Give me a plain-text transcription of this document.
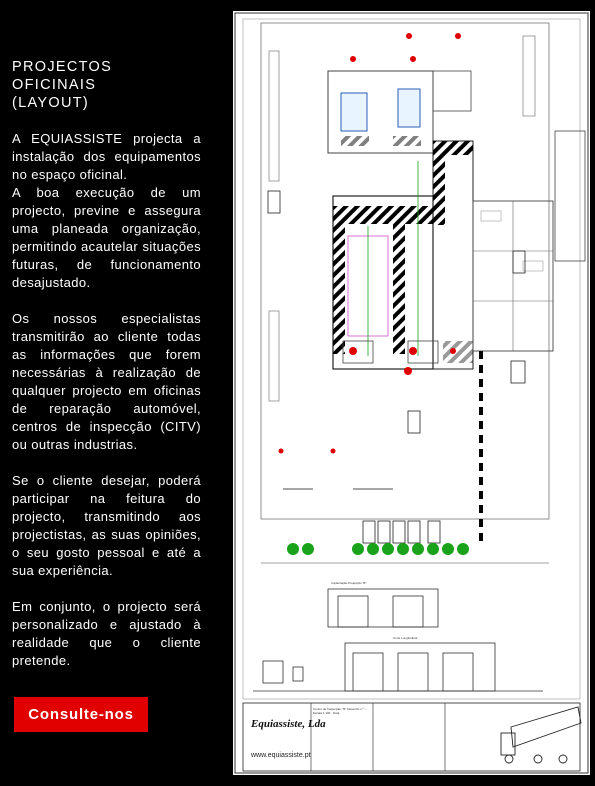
PROJECTOS OFICINAIS
(LAYOUT)

A EQUIASSISTE projecta a instalação dos equipamentos no espaço oficinal.
A boa execução de um projecto, previne e assegura uma planeada organização, permitindo acautelar situações futuras, de funcionamento desajustado.

Os nossos especialistas transmitirão ao cliente todas as informações que forem necessárias à realização de qualquer projecto em oficinas de reparação automóvel, centros de inspecção (CITV) ou outras industrias.

Se o cliente desejar, poderá participar na feitura do projecto, transmitindo aos projectistas, as suas opiniões, o seu gosto pessoal e até a sua experiência.

Em conjunto, o projecto será personalizado e ajustado à realidade que o cliente pretende.

Consulte-nos
Equiassiste, Lda
www.equiassiste.pt
Implantação Projecção "B"
Corte Longitudinal
Centro de Inspecção: "B" Desenho n.º: -- · Escala 1:100 · Data
